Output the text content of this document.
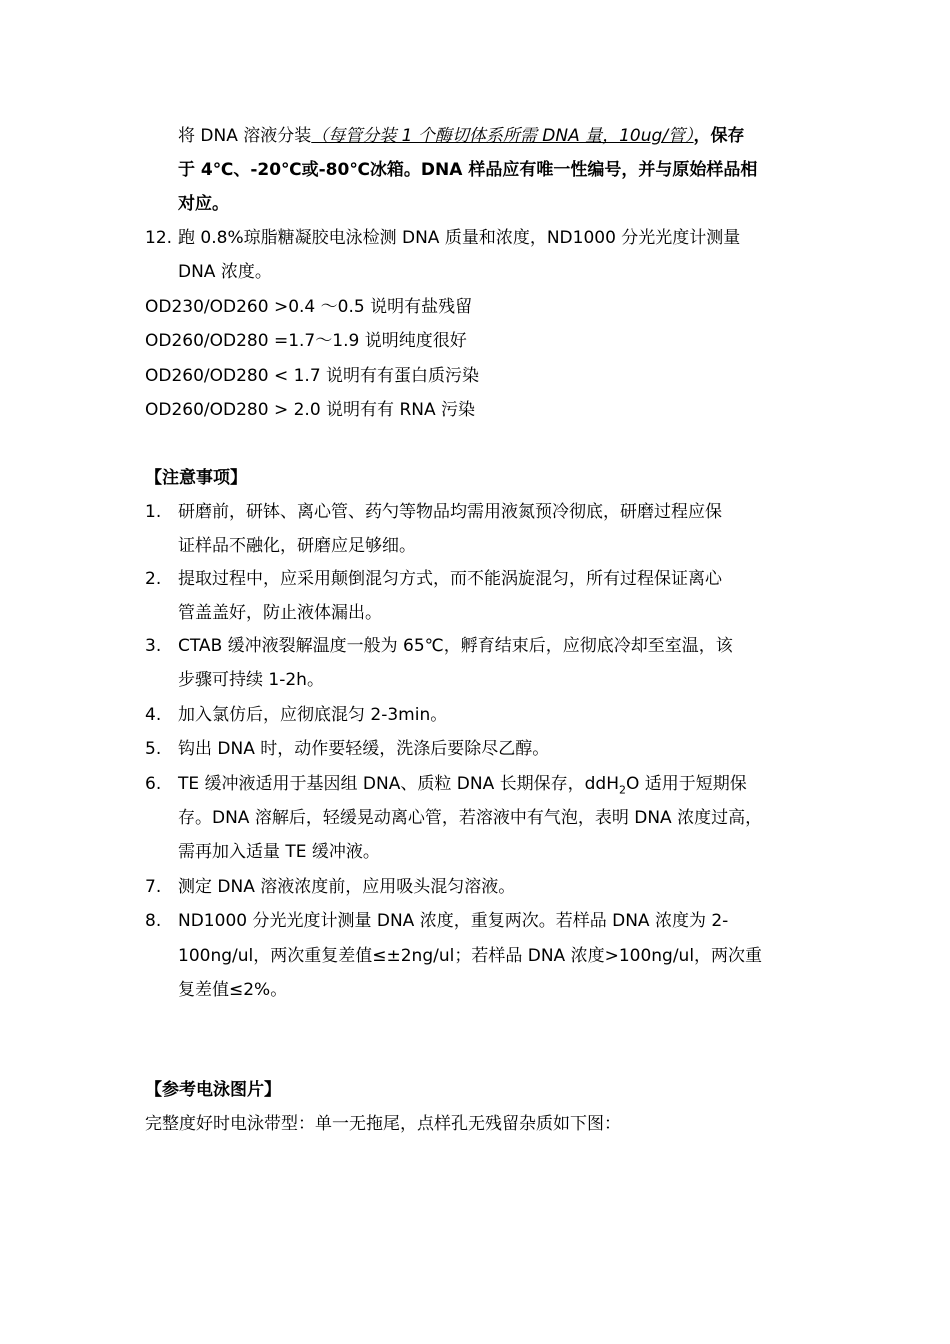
将 DNA 溶液分装（每管分装 1 个酶切体系所需 DNA 量，10ug/管），保存
于 4℃、-20℃或-80℃冰箱。DNA 样品应有唯一性编号，并与原始样品相
对应。
12. 跑 0.8%琼脂糖凝胶电泳检测 DNA 质量和浓度，ND1000 分光光度计测量
DNA 浓度。
OD230/OD260 >0.4 ～0.5 说明有盐残留
OD260/OD280 =1.7～1.9 说明纯度很好
OD260/OD280 < 1.7 说明有有蛋白质污染
OD260/OD280 > 2.0 说明有有 RNA 污染
【注意事项】
1. 研磨前，研钵、离心管、药勺等物品均需用液氮预冷彻底，研磨过程应保
证样品不融化，研磨应足够细。
2. 提取过程中，应采用颠倒混匀方式，而不能涡旋混匀，所有过程保证离心
管盖盖好，防止液体漏出。
3. CTAB 缓冲液裂解温度一般为 65℃，孵育结束后，应彻底冷却至室温，该
步骤可持续 1-2h。
4. 加入氯仿后，应彻底混匀 2-3min。
5. 钩出 DNA 时，动作要轻缓，洗涤后要除尽乙醇。
6. TE 缓冲液适用于基因组 DNA、质粒 DNA 长期保存，ddH$_2$O 适用于短期保
存。DNA 溶解后，轻缓晃动离心管，若溶液中有气泡，表明 DNA 浓度过高，
需再加入适量 TE 缓冲液。
7. 测定 DNA 溶液浓度前，应用吸头混匀溶液。
8. ND1000 分光光度计测量 DNA 浓度，重复两次。若样品 DNA 浓度为 2-
100ng/ul，两次重复差值≤±2ng/ul；若样品 DNA 浓度>100ng/ul，两次重
复差值≤2%。
【参考电泳图片】
完整度好时电泳带型：单一无拖尾，点样孔无残留杂质如下图：
